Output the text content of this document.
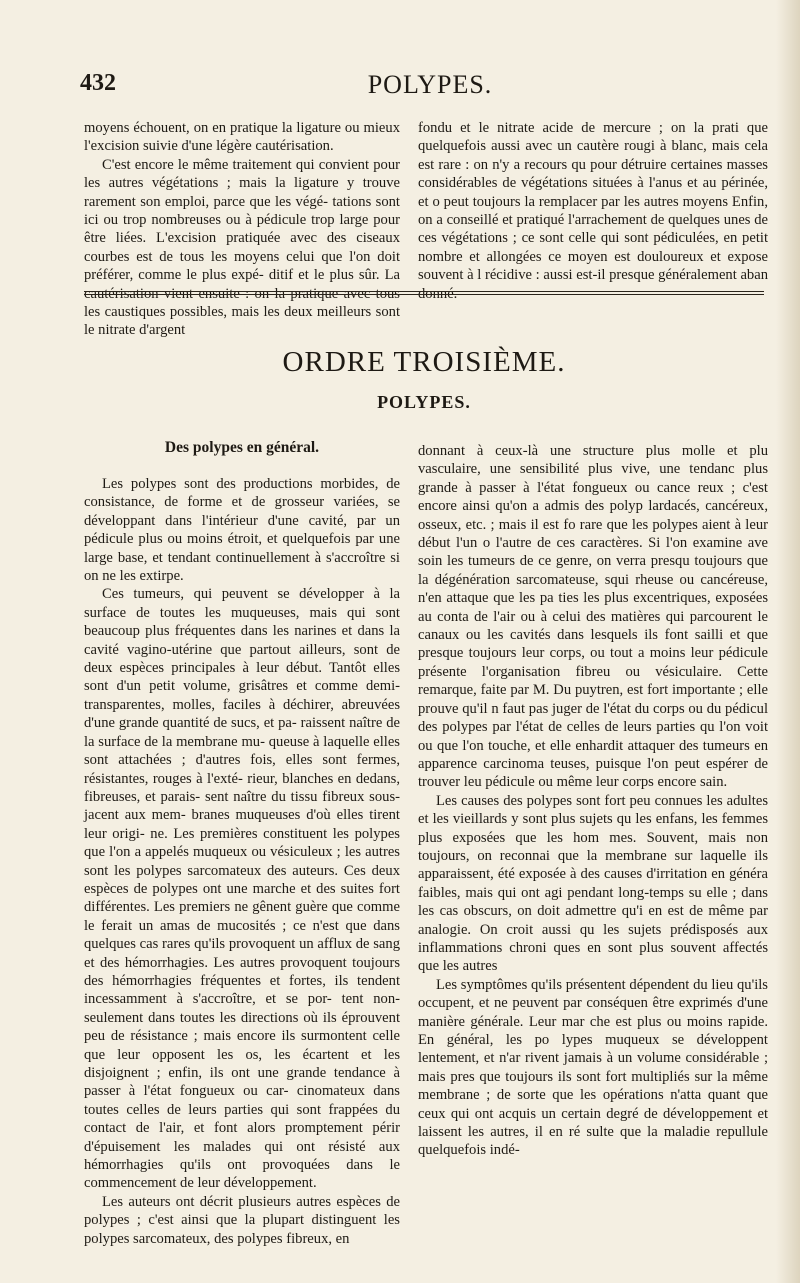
432	POLYPES.

moyens échouent, on en pratique la ligature ou mieux l'excision suivie d'une légère cautérisation.

C'est encore le même traitement qui convient pour les autres végétations ; mais la ligature y trouve rarement son emploi, parce que les végé- tations sont ici ou trop nombreuses ou à pédicule trop large pour être liées. L'excision pratiquée avec des ciseaux courbes est de tous les moyens celui que l'on doit préférer, comme le plus expé- ditif et le plus sûr. La cautérisation vient ensuite : on la pratique avec tous les caustiques possibles, mais les deux meilleurs sont le nitrate d'argent

fondu et le nitrate acide de mercure ; on la prati que quelquefois aussi avec un cautère rougi à blanc, mais cela est rare : on n'y a recours qu pour détruire certaines masses considérables de végétations situées à l'anus et au périnée, et o peut toujours la remplacer par les autres moyens Enfin, on a conseillé et pratiqué l'arrachement de quelques unes de ces végétations ; ce sont celle qui sont pédiculées, en petit nombre et allongées ce moyen est douloureux et expose souvent à l récidive : aussi est-il presque généralement aban donné.

ORDRE TROISIÈME.
POLYPES.
Des polypes en général.

Les polypes sont des productions morbides, de consistance, de forme et de grosseur variées, se développant dans l'intérieur d'une cavité, par un pédicule plus ou moins étroit, et quelquefois par une large base, et tendant continuellement à s'accroître si on ne les extirpe.

Ces tumeurs, qui peuvent se développer à la surface de toutes les muqueuses, mais qui sont beaucoup plus fréquentes dans les narines et dans la cavité vagino-utérine que partout ailleurs, sont de deux espèces principales à leur début. Tantôt elles sont d'un petit volume, grisâtres et comme demi-transparentes, molles, faciles à déchirer, abreuvées d'une grande quantité de sucs, et pa- raissent naître de la surface de la membrane mu- queuse à laquelle elles sont attachées ; d'autres fois, elles sont fermes, résistantes, rouges à l'exté- rieur, blanches en dedans, fibreuses, et parais- sent naître du tissu fibreux sous-jacent aux mem- branes muqueuses d'où elles tirent leur origi- ne. Les premières constituent les polypes que l'on a appelés muqueux ou vésiculeux ; les autres sont les polypes sarcomateux des auteurs. Ces deux espèces de polypes ont une marche et des suites fort différentes. Les premiers ne gênent guère que comme le ferait un amas de mucosités ; ce n'est que dans quelques cas rares qu'ils provoquent un afflux de sang et des hémorrhagies. Les autres provoquent toujours des hémorrhagies fréquentes et fortes, ils tendent incessamment à s'accroître, et se por- tent non-seulement dans toutes les directions où ils éprouvent peu de résistance ; mais encore ils surmontent celle que leur opposent les os, les écartent et les disjoignent ; enfin, ils ont une grande tendance à passer à l'état fongueux ou car- cinomateux dans toutes celles de leurs parties qui sont frappées du contact de l'air, et font alors promptement périr d'épuisement les malades qui ont résisté aux hémorrhagies qu'ils ont provoquées dans le commencement de leur développement.

Les auteurs ont décrit plusieurs autres espèces de polypes ; c'est ainsi que la plupart distinguent les polypes sarcomateux, des polypes fibreux, en

donnant à ceux-là une structure plus molle et plu vasculaire, une sensibilité plus vive, une tendanc plus grande à passer à l'état fongueux ou cance reux ; c'est encore ainsi qu'on a admis des polyp lardacés, cancéreux, osseux, etc. ; mais il est fo rare que les polypes aient à leur début l'un o l'autre de ces caractères. Si l'on examine ave soin les tumeurs de ce genre, on verra presqu toujours que la dégénération sarcomateuse, squi rheuse ou cancéreuse, n'en attaque que les pa ties les plus excentriques, exposées au conta de l'air ou à celui des matières qui parcourent le canaux ou les cavités dans lesquels ils font sailli et que presque toujours leur corps, ou tout a moins leur pédicule présente l'organisation fibreu ou vésiculaire. Cette remarque, faite par M. Du puytren, est fort importante ; elle prouve qu'il n faut pas juger de l'état du corps ou du pédicul des polypes par l'état de celles de leurs parties qu l'on voit ou que l'on touche, et elle enhardit attaquer des tumeurs en apparence carcinoma teuses, puisque l'on peut espérer de trouver leu pédicule ou même leur corps encore sain.

Les causes des polypes sont fort peu connues les adultes et les vieillards y sont plus sujets qu les enfans, les femmes plus exposées que les hom mes. Souvent, mais non toujours, on reconnai que la membrane sur laquelle ils apparaissent, été exposée à des causes d'irritation en généra faibles, mais qui ont agi pendant long-temps su elle ; dans les cas obscurs, on doit admettre qu'i en est de même par analogie. On croit aussi qu les sujets prédisposés aux inflammations chroni ques en sont plus souvent affectés que les autres

Les symptômes qu'ils présentent dépendent du lieu qu'ils occupent, et ne peuvent par conséquen être exprimés d'une manière générale. Leur mar che est plus ou moins rapide. En général, les po lypes muqueux se développent lentement, et n'ar rivent jamais à un volume considérable ; mais pres que toujours ils sont fort multipliés sur la même membrane ; de sorte que les opérations n'atta quant que ceux qui ont acquis un certain degré de développement et laissent les autres, il en ré sulte que la maladie repullule quelquefois indé-
